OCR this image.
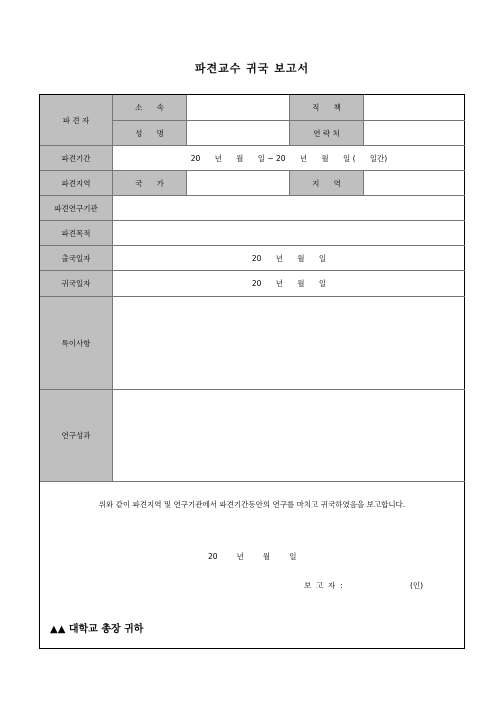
파견교수 귀국 보고서
파 견 자
소      속	직      책
성      명	연 락 처
파견기간	20      년      월      일 ~ 20      년      월      일 (      일간)
파견지역	국      가	지      역
파견연구기관
파견목적
출국일자	20      년      월      일
귀국일자	20      년      월      일
특이사항
연구성과
위와 같이 파견지역 및 연구기관에서 파견기간동안의 연구를 마치고 귀국하였음을 보고합니다.
20        년        월        일
보  고  자  :	(인)
▲▲ 대학교 총장 귀하
